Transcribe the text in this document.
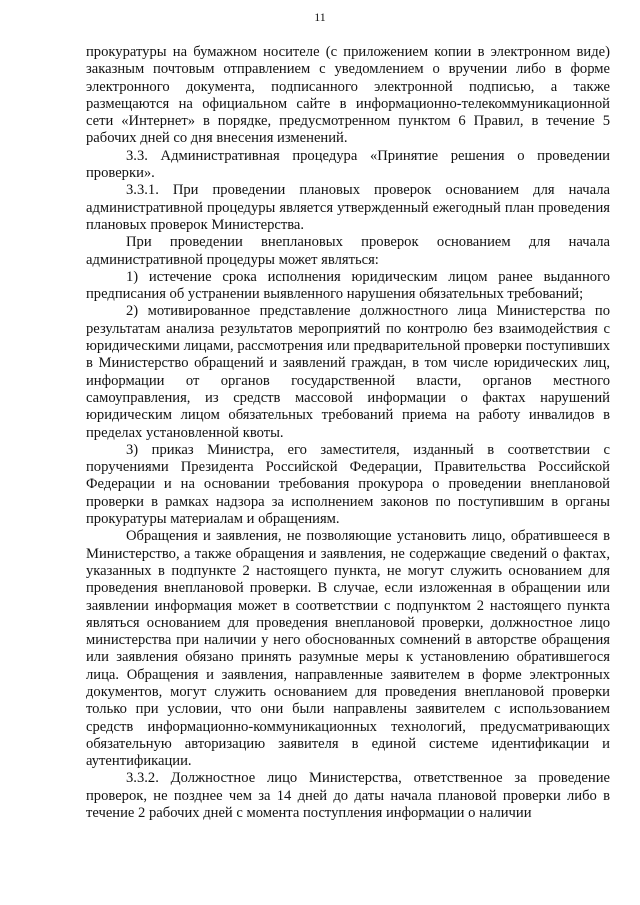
11

прокуратуры на бумажном носителе (с приложением копии в электронном виде) заказным почтовым отправлением с уведомлением о вручении либо в форме электронного документа, подписанного электронной подписью, а также размещаются на официальном сайте в информационно-телекоммуникационной сети «Интернет» в порядке, предусмотренном пунктом 6 Правил, в течение 5 рабочих дней со дня внесения изменений.

3.3. Административная процедура «Принятие решения о проведении проверки».

3.3.1. При проведении плановых проверок основанием для начала административной процедуры является утвержденный ежегодный план проведения плановых проверок Министерства.

При проведении внеплановых проверок основанием для начала административной процедуры может являться:

1) истечение срока исполнения юридическим лицом ранее выданного предписания об устранении выявленного нарушения обязательных требований;

2) мотивированное представление должностного лица Министерства по результатам анализа результатов мероприятий по контролю без взаимодействия с юридическими лицами, рассмотрения или предварительной проверки поступивших в Министерство обращений и заявлений граждан, в том числе юридических лиц, информации от органов государственной власти, органов местного самоуправления, из средств массовой информации о фактах нарушений юридическим лицом обязательных требований приема на работу инвалидов в пределах установленной квоты.

3) приказ Министра, его заместителя, изданный в соответствии с поручениями Президента Российской Федерации, Правительства Российской Федерации и на основании требования прокурора о проведении внеплановой проверки в рамках надзора за исполнением законов по поступившим в органы прокуратуры материалам и обращениям.

Обращения и заявления, не позволяющие установить лицо, обратившееся в Министерство, а также обращения и заявления, не содержащие сведений о фактах, указанных в подпункте 2 настоящего пункта, не могут служить основанием для проведения внеплановой проверки. В случае, если изложенная в обращении или заявлении информация может в соответствии с подпунктом 2 настоящего пункта являться основанием для проведения внеплановой проверки, должностное лицо министерства при наличии у него обоснованных сомнений в авторстве обращения или заявления обязано принять разумные меры к установлению обратившегося лица. Обращения и заявления, направленные заявителем в форме электронных документов, могут служить основанием для проведения внеплановой проверки только при условии, что они были направлены заявителем с использованием средств информационно-коммуникационных технологий, предусматривающих обязательную авторизацию заявителя в единой системе идентификации и аутентификации.

3.3.2. Должностное лицо Министерства, ответственное за проведение проверок, не позднее чем за 14 дней до даты начала плановой проверки либо в течение 2 рабочих дней с момента поступления информации о наличии
